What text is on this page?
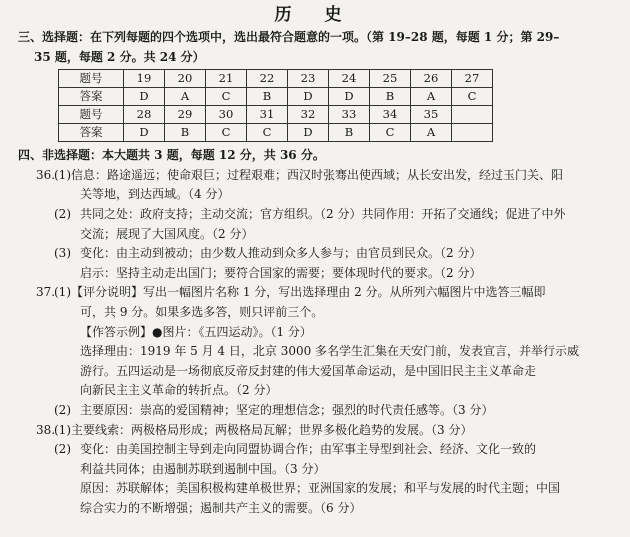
历　史
三、选择题：在下列每题的四个选项中，选出最符合题意的一项。（第 19–28 题，每题 1 分；第 29–
35 题，每题 2 分。共 24 分）
题号	19	20	21	22	23	24	25	26	27
答案	D	A	C	B	D	D	B	A	C
题号	28	29	30	31	32	33	34	35	
答案	D	B	C	C	D	B	C	A	
四、非选择题：本大题共 3 题，每题 12 分，共 36 分。
36.
(1)信息：路途遥远；使命艰巨；过程艰难；西汉时张骞出使西域；从长安出发，经过玉门关、阳
关等地，到达西域。（4 分）
(2) 共同之处：政府支持；主动交流；官方组织。（2 分）共同作用：开拓了交通线；促进了中外
交流；展现了大国风度。（2 分）
(3) 变化：由主动到被动；由少数人推动到众多人参与；由官员到民众。（2 分）
启示：坚持主动走出国门；要符合国家的需要；要体现时代的要求。（2 分）
37.
(1)【评分说明】写出一幅图片名称 1 分，写出选择理由 2 分。从所列六幅图片中选答三幅即
可，共 9 分。如果多选多答，则只评前三个。
【作答示例】●图片：《五四运动》。（1 分）
选择理由：1919 年 5 月 4 日，北京 3000 多名学生汇集在天安门前，发表宣言，并举行示威
游行。五四运动是一场彻底反帝反封建的伟大爱国革命运动，是中国旧民主主义革命走
向新民主主义革命的转折点。（2 分）
(2) 主要原因：崇高的爱国精神；坚定的理想信念；强烈的时代责任感等。（3 分）
38.
(1)主要线索：两极格局形成；两极格局瓦解；世界多极化趋势的发展。（3 分）
(2) 变化：由美国控制主导到走向同盟协调合作；由军事主导型到社会、经济、文化一致的
利益共同体；由遏制苏联到遏制中国。（3 分）
原因：苏联解体；美国积极构建单极世界；亚洲国家的发展；和平与发展的时代主题；中国
综合实力的不断增强；遏制共产主义的需要。（6 分）
